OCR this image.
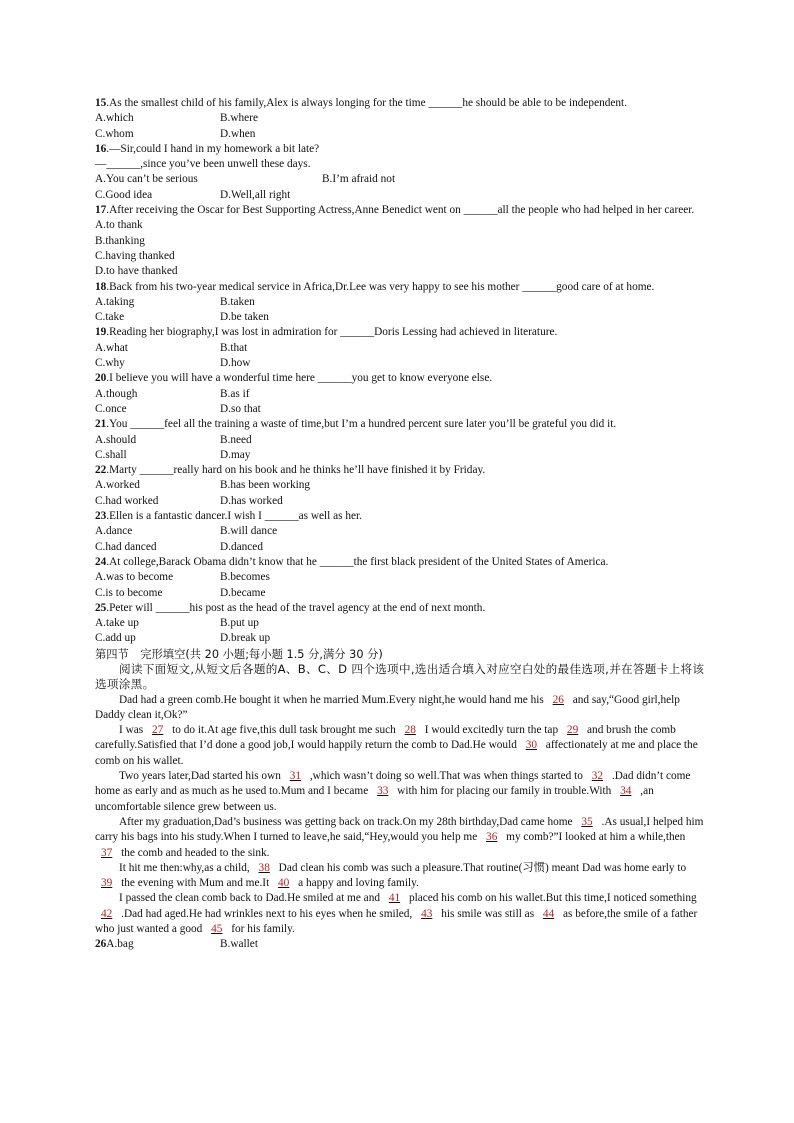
15.As the smallest child of his family,Alex is always longing for the time ______he should be able to be independent.
A.which	B.where
C.whom	D.when
16.—Sir,could I hand in my homework a bit late?
—______,since you’ve been unwell these days.
A.You can’t be serious	B.I’m afraid not
C.Good idea	D.Well,all right
17.After receiving the Oscar for Best Supporting Actress,Anne Benedict went on ______all the people who had helped in her career.
A.to thank
B.thanking
C.having thanked
D.to have thanked
18.Back from his two-year medical service in Africa,Dr.Lee was very happy to see his mother ______good care of at home.
A.taking	B.taken
C.take	D.be taken
19.Reading her biography,I was lost in admiration for ______Doris Lessing had achieved in literature.
A.what	B.that
C.why	D.how
20.I believe you will have a wonderful time here ______you get to know everyone else.
A.though	B.as if
C.once	D.so that
21.You ______feel all the training a waste of time,but I’m a hundred percent sure later you’ll be grateful you did it.
A.should	B.need
C.shall	D.may
22.Marty ______really hard on his book and he thinks he’ll have finished it by Friday.
A.worked	B.has been working
C.had worked	D.has worked
23.Ellen is a fantastic dancer.I wish I ______as well as her.
A.dance	B.will dance
C.had danced	D.danced
24.At college,Barack Obama didn’t know that he ______the first black president of the United States of America.
A.was to become	B.becomes
C.is to become	D.became
25.Peter will ______his post as the head of the travel agency at the end of next month.
A.take up	B.put up
C.add up	D.break up
第四节　完形填空(共 20 小题;每小题 1.5 分,满分 30 分)
阅读下面短文,从短文后各题的A、B、C、D 四个选项中,选出适合填入对应空白处的最佳选项,并在答题卡上将该选项涂黑。
Dad had a green comb.He bought it when he married Mum.Every night,he would hand me his 26 and say,“Good girl,help Daddy clean it,Ok?”
I was 27 to do it.At age five,this dull task brought me such 28 I would excitedly turn the tap 29 and brush the comb carefully.Satisfied that I’d done a good job,I would happily return the comb to Dad.He would 30 affectionately at me and place the comb on his wallet.
Two years later,Dad started his own 31 ,which wasn’t doing so well.That was when things started to 32 .Dad didn’t come home as early and as much as he used to.Mum and I became 33 with him for placing our family in trouble.With 34 ,an uncomfortable silence grew between us.
After my graduation,Dad’s business was getting back on track.On my 28th birthday,Dad came home 35 .As usual,I helped him carry his bags into his study.When I turned to leave,he said,“Hey,would you help me 36 my comb?”I looked at him a while,then 37 the comb and headed to the sink.
It hit me then:why,as a child, 38 Dad clean his comb was such a pleasure.That routine(习惯) meant Dad was home early to 39 the evening with Mum and me.It 40 a happy and loving family.
I passed the clean comb back to Dad.He smiled at me and 41 placed his comb on his wallet.But this time,I noticed something 42 .Dad had aged.He had wrinkles next to his eyes when he smiled, 43 his smile was still as 44 as before,the smile of a father who just wanted a good 45 for his family.
26A.bag	B.wallet
